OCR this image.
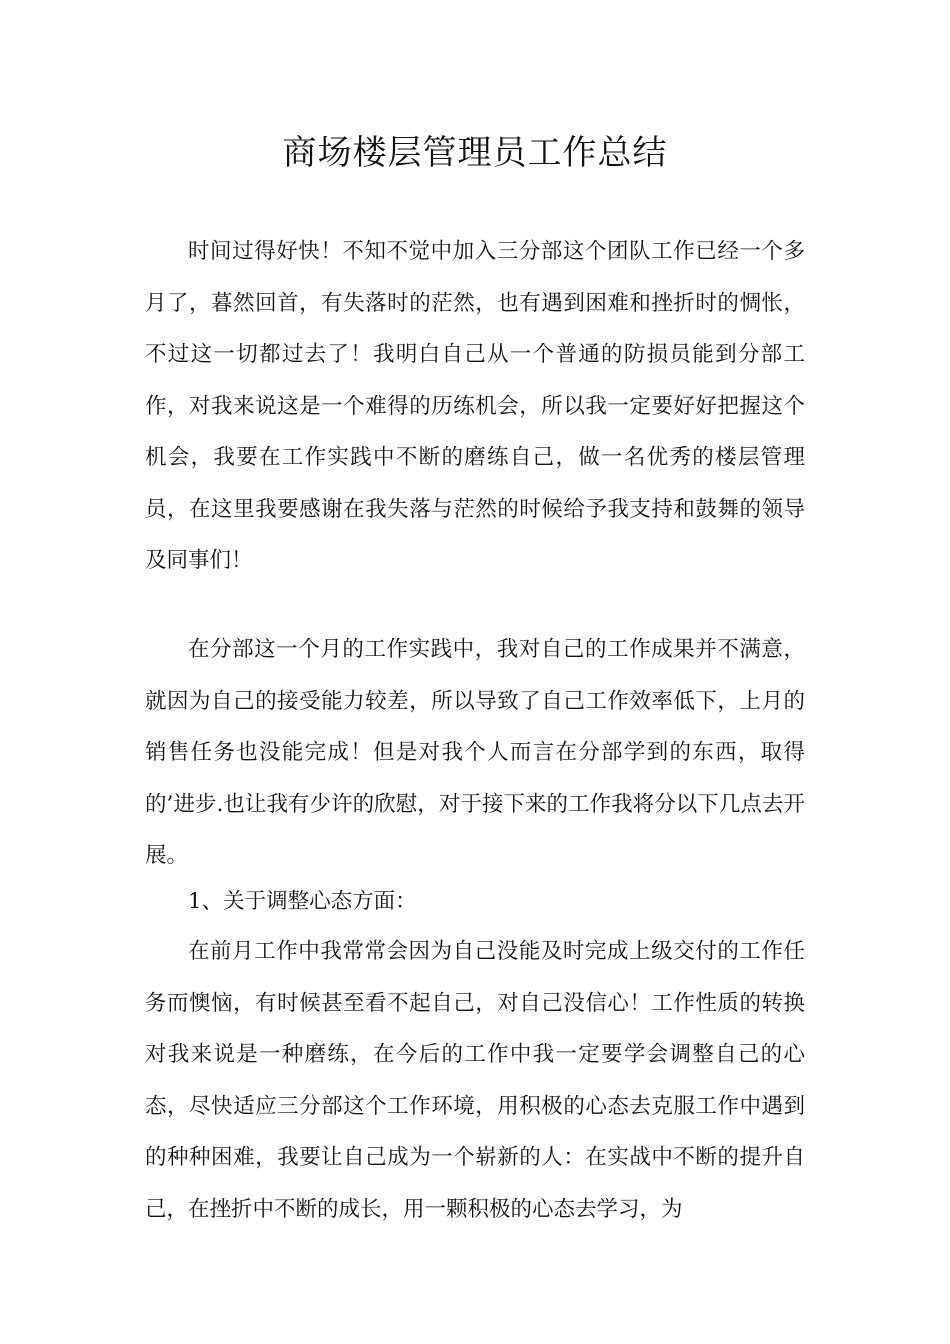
商场楼层管理员工作总结

时间过得好快！不知不觉中加入三分部这个团队工作已经一个多月了，暮然回首，有失落时的茫然，也有遇到困难和挫折时的惆怅，不过这一切都过去了！我明白自己从一个普通的防损员能到分部工作，对我来说这是一个难得的历练机会，所以我一定要好好把握这个机会，我要在工作实践中不断的磨练自己，做一名优秀的楼层管理员，在这里我要感谢在我失落与茫然的时候给予我支持和鼓舞的领导及同事们！

在分部这一个月的工作实践中，我对自己的工作成果并不满意，就因为自己的接受能力较差，所以导致了自己工作效率低下，上月的销售任务也没能完成！但是对我个人而言在分部学到的东西，取得的’进步.也让我有少许的欣慰，对于接下来的工作我将分以下几点去开展。

1、关于调整心态方面：

在前月工作中我常常会因为自己没能及时完成上级交付的工作任务而懊恼，有时候甚至看不起自己，对自己没信心！工作性质的转换对我来说是一种磨练，在今后的工作中我一定要学会调整自己的心态，尽快适应三分部这个工作环境，用积极的心态去克服工作中遇到的种种困难，我要让自己成为一个崭新的人：在实战中不断的提升自己，在挫折中不断的成长，用一颗积极的心态去学习，为
